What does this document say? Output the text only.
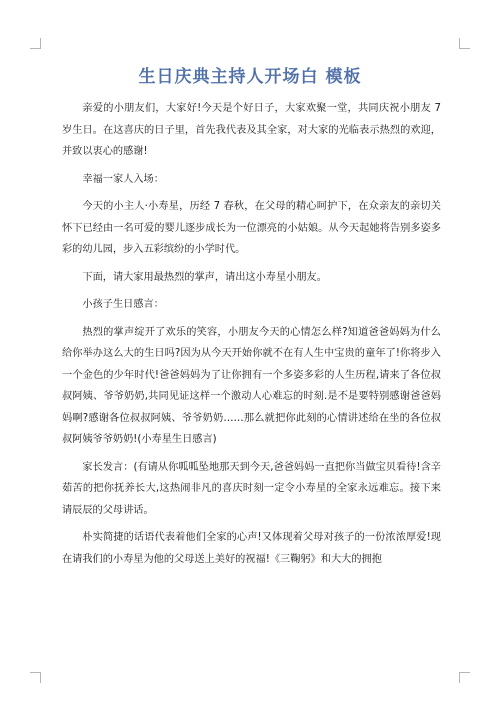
生日庆典主持人开场白 模板

亲爱的小朋友们，大家好!今天是个好日子，大家欢聚一堂，共同庆祝小朋友 7 岁生日。在这喜庆的日子里，首先我代表及其全家，对大家的光临表示热烈的欢迎，并致以衷心的感谢!

幸福一家人入场：

今天的小主人·小寿星，历经 7 春秋，在父母的精心呵护下，在众亲友的亲切关怀下已经由一名可爱的婴儿逐步成长为一位漂亮的小姑娘。从今天起她将告别多姿多彩的幼儿园，步入五彩缤纷的小学时代。

下面，请大家用最热烈的掌声，请出这小寿星小朋友。

小孩子生日感言：

热烈的掌声绽开了欢乐的笑容，小朋友今天的心情怎么样?知道爸爸妈妈为什么给你举办这么大的生日吗?因为从今天开始你就不在有人生中宝贵的童年了!你将步入一个金色的少年时代!爸爸妈妈为了让你拥有一个多姿多彩的人生历程,请来了各位叔叔阿姨、爷爷奶奶,共同见证这样一个激动人心难忘的时刻.是不是要特别感谢爸爸妈妈啊?感谢各位叔叔阿姨、爷爷奶奶……那么就把你此刻的心情讲述给在坐的各位叔叔阿姨爷爷奶奶!(小寿星生日感言)

家长发言：(有请从你呱呱坠地那天到今天,爸爸妈妈一直把你当做宝贝看待!含辛茹苦的把你抚养长大,这热闹非凡的喜庆时刻一定令小寿星的全家永远难忘。接下来请辰辰的父母讲话。

朴实简捷的话语代表着他们全家的心声!又体现着父母对孩子的一份浓浓厚爱!现在请我们的小寿星为他的父母送上美好的祝福!《三鞠躬》和大大的拥抱
